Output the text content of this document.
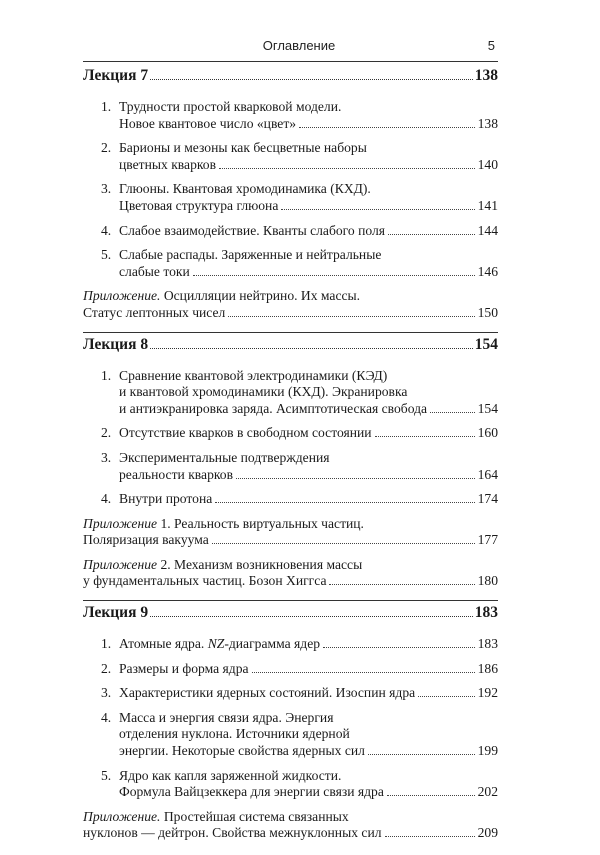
Оглавление	5
Лекция 7	138
1. Трудности простой кварковой модели.
Новое квантовое число «цвет»	138
2. Барионы и мезоны как бесцветные наборы
цветных кварков	140
3. Глюоны. Квантовая хромодинамика (КХД).
Цветовая структура глюона	141
4. Слабое взаимодействие. Кванты слабого поля	144
5. Слабые распады. Заряженные и нейтральные
слабые токи	146
Приложение. Осцилляции нейтрино. Их массы.
Статус лептонных чисел	150
Лекция 8	154
1. Сравнение квантовой электродинамики (КЭД)
и квантовой хромодинамики (КХД). Экранировка
и антиэкранировка заряда. Асимптотическая свобода	154
2. Отсутствие кварков в свободном состоянии	160
3. Экспериментальные подтверждения
реальности кварков	164
4. Внутри протона	174
Приложение 1. Реальность виртуальных частиц.
Поляризация вакуума	177
Приложение 2. Механизм возникновения массы
у фундаментальных частиц. Бозон Хиггса	180
Лекция 9	183
1. Атомные ядра. NZ-диаграмма ядер	183
2. Размеры и форма ядра	186
3. Характеристики ядерных состояний. Изоспин ядра	192
4. Масса и энергия связи ядра. Энергия
отделения нуклона. Источники ядерной
энергии. Некоторые свойства ядерных сил	199
5. Ядро как капля заряженной жидкости.
Формула Вайцзеккера для энергии связи ядра	202
Приложение. Простейшая система связанных
нуклонов — дейтрон. Свойства межнуклонных сил	209
